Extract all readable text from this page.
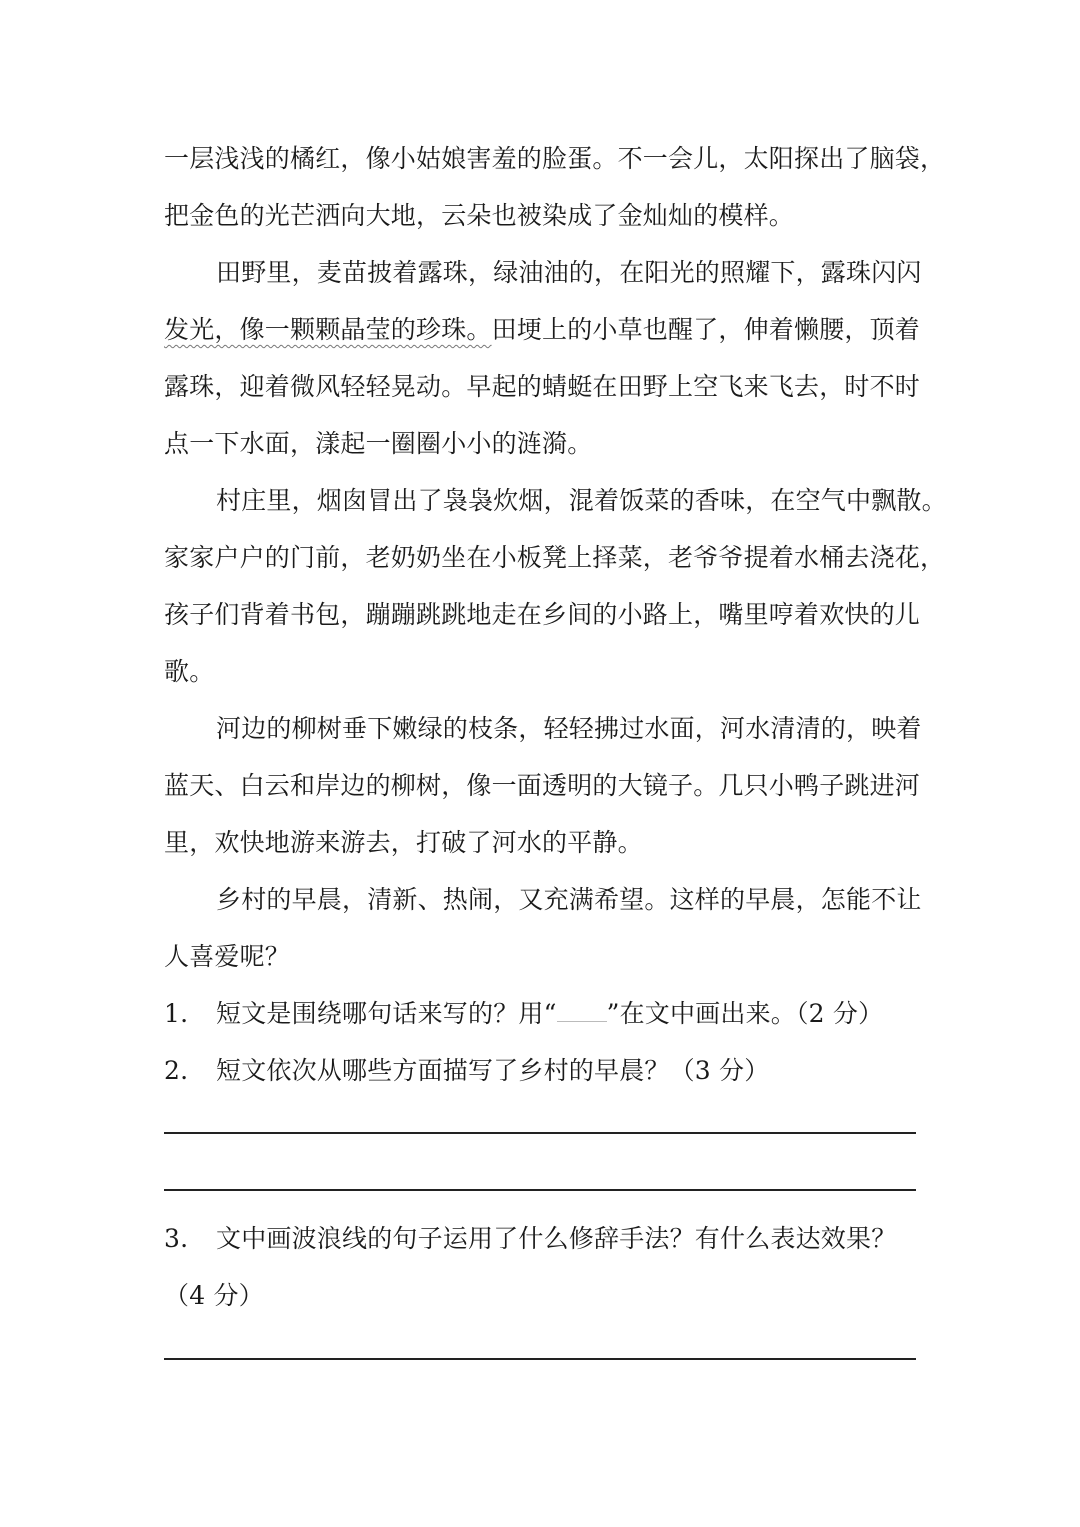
一层浅浅的橘红，像小姑娘害羞的脸蛋。不一会儿，太阳探出了脑袋，
把金色的光芒洒向大地，云朵也被染成了金灿灿的模样。
田野里，麦苗披着露珠，绿油油的，在阳光的照耀下，露珠闪闪
发光，像一颗颗晶莹的珍珠。田埂上的小草也醒了，伸着懒腰，顶着
露珠，迎着微风轻轻晃动。早起的蜻蜓在田野上空飞来飞去，时不时
点一下水面，漾起一圈圈小小的涟漪。
村庄里，烟囱冒出了袅袅炊烟，混着饭菜的香味，在空气中飘散。
家家户户的门前，老奶奶坐在小板凳上择菜，老爷爷提着水桶去浇花，
孩子们背着书包，蹦蹦跳跳地走在乡间的小路上，嘴里哼着欢快的儿
歌。
河边的柳树垂下嫩绿的枝条，轻轻拂过水面，河水清清的，映着
蓝天、白云和岸边的柳树，像一面透明的大镜子。几只小鸭子跳进河
里，欢快地游来游去，打破了河水的平静。
乡村的早晨，清新、热闹，又充满希望。这样的早晨，怎能不让
人喜爱呢？
1. 短文是围绕哪句话来写的？用“ ”在文中画出来。（2 分）
2. 短文依次从哪些方面描写了乡村的早晨？（3 分）
3. 文中画波浪线的句子运用了什么修辞手法？有什么表达效果？
（4 分）
